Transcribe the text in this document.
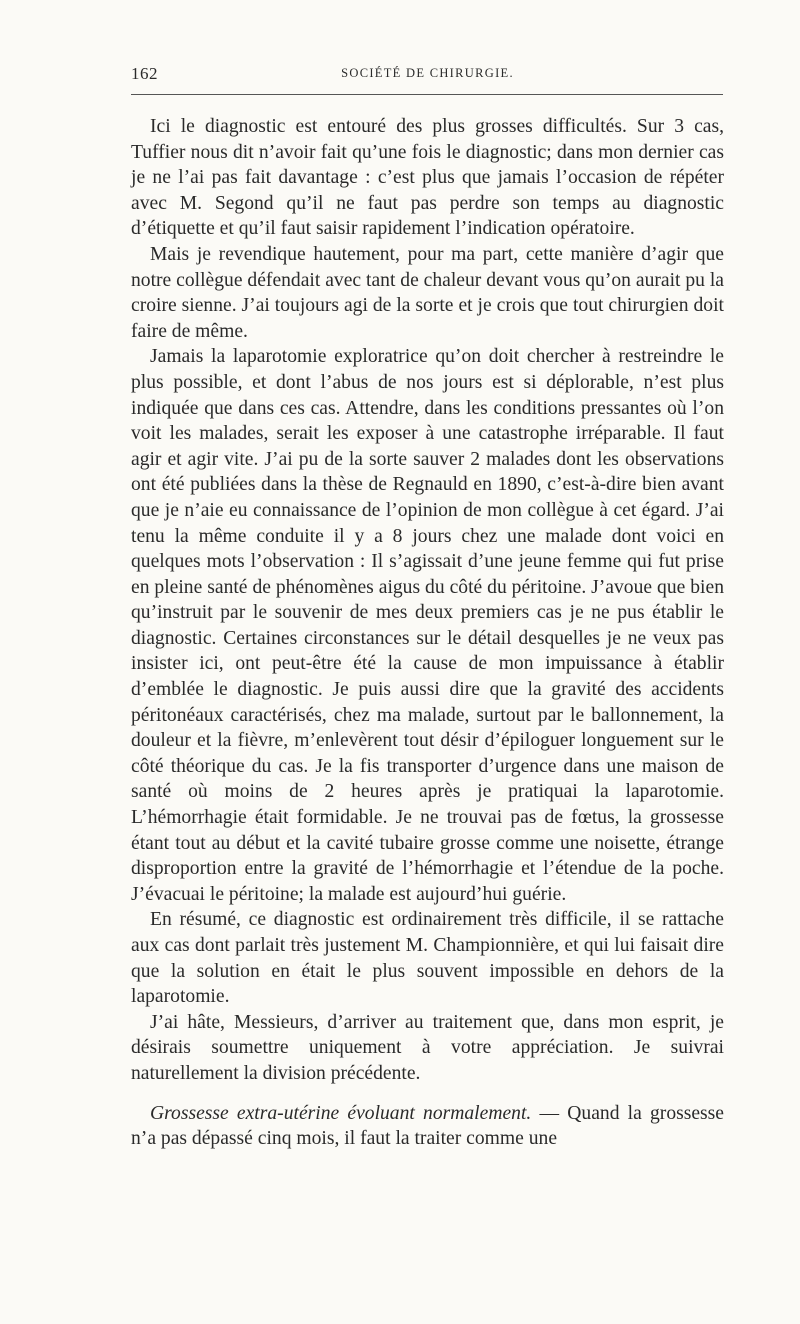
162	SOCIÉTÉ DE CHIRURGIE.

Ici le diagnostic est entouré des plus grosses difficultés. Sur 3 cas, Tuffier nous dit n’avoir fait qu’une fois le diagnostic; dans mon dernier cas je ne l’ai pas fait davantage : c’est plus que jamais l’occasion de répéter avec M. Segond qu’il ne faut pas perdre son temps au diagnostic d’étiquette et qu’il faut saisir rapidement l’indication opératoire.

Mais je revendique hautement, pour ma part, cette manière d’agir que notre collègue défendait avec tant de chaleur devant vous qu’on aurait pu la croire sienne. J’ai toujours agi de la sorte et je crois que tout chirurgien doit faire de même.

Jamais la laparotomie exploratrice qu’on doit chercher à restreindre le plus possible, et dont l’abus de nos jours est si déplorable, n’est plus indiquée que dans ces cas. Attendre, dans les conditions pressantes où l’on voit les malades, serait les exposer à une catastrophe irréparable. Il faut agir et agir vite. J’ai pu de la sorte sauver 2 malades dont les observations ont été publiées dans la thèse de Regnauld en 1890, c’est-à-dire bien avant que je n’aie eu connaissance de l’opinion de mon collègue à cet égard. J’ai tenu la même conduite il y a 8 jours chez une malade dont voici en quelques mots l’observation : Il s’agissait d’une jeune femme qui fut prise en pleine santé de phénomènes aigus du côté du péritoine. J’avoue que bien qu’instruit par le souvenir de mes deux premiers cas je ne pus établir le diagnostic. Certaines circonstances sur le détail desquelles je ne veux pas insister ici, ont peut-être été la cause de mon impuissance à établir d’emblée le diagnostic. Je puis aussi dire que la gravité des accidents péritonéaux caractérisés, chez ma malade, surtout par le ballonnement, la douleur et la fièvre, m’enlevèrent tout désir d’épiloguer longuement sur le côté théorique du cas. Je la fis transporter d’urgence dans une maison de santé où moins de 2 heures après je pratiquai la laparotomie. L’hémorrhagie était formidable. Je ne trouvai pas de fœtus, la grossesse étant tout au début et la cavité tubaire grosse comme une noisette, étrange disproportion entre la gravité de l’hémorrhagie et l’étendue de la poche. J’évacuai le péritoine; la malade est aujourd’hui guérie.

En résumé, ce diagnostic est ordinairement très difficile, il se rattache aux cas dont parlait très justement M. Championnière, et qui lui faisait dire que la solution en était le plus souvent impossible en dehors de la laparotomie.

J’ai hâte, Messieurs, d’arriver au traitement que, dans mon esprit, je désirais soumettre uniquement à votre appréciation. Je suivrai naturellement la division précédente.

Grossesse extra-utérine évoluant normalement. — Quand la grossesse n’a pas dépassé cinq mois, il faut la traiter comme une
